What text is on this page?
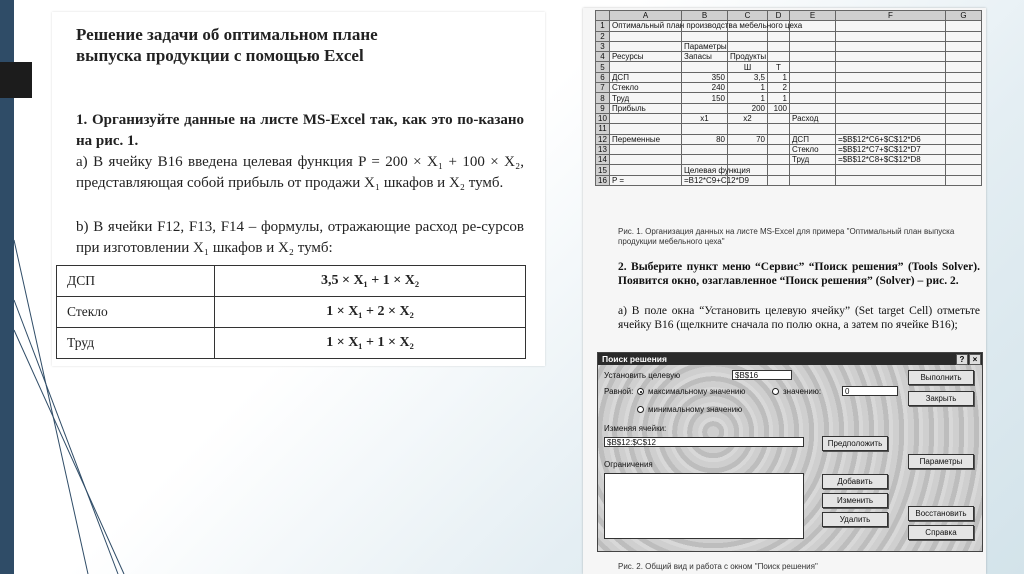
Решение задачи об оптимальном плане выпуска продукции с помощью Excel
1. Организуйте данные на листе MS-Excel так, как это по-казано на рис. 1.
а) В ячейку B16 введена целевая функция P = 200 × X₁ + 100 × X₂, представляющая собой прибыль от продажи X₁ шкафов и X₂ тумб.
b) В ячейки F12, F13, F14 – формулы, отражающие расход ре-сурсов при изготовлении X₁ шкафов и X₂ тумб:
ДСП	3,5 × X₁ + 1 × X₂
Стекло	1 × X₁ + 2 × X₂
Труд	1 × X₁ + 1 × X₂
	A	B	C	D	E	F	G
1	Оптимальный план производства мебельного цеха						
2							
3		Параметры					
4	Ресурсы	Запасы	Продукты				
5			Ш	Т			
6	ДСП	350	3,5	1			
7	Стекло	240	1	2			
8	Труд	150	1	1			
9	Прибыль		200	100			
10		x1	x2		Расход		
11							
12	Переменные	80	70		ДСП	=$B$12*C6+$C$12*D6	
13					Стекло	=$B$12*C7+$C$12*D7	
14					Труд	=$B$12*C8+$C$12*D8	
15		Целевая функция					
16	P =	=B12*C9+C12*D9					
Рис. 1. Организация данных на листе MS-Excel для примера "Оптимальный план выпуска продукции мебельного цеха"
2. Выберите пункт меню “Сервис” “Поиск решения” (Tools Solver). Появится окно, озаглавленное “Поиск решения” (Solver) – рис. 2.
а) В поле окна “Установить целевую ячейку” (Set target Cell) отметьте ячейку B16 (щелкните сначала по полю окна, а затем по ячейке B16);
Поиск решения	?	×
Установить целевую	$B$16
Равной: максимальному значению	значению:	0
минимальному значению
Изменяя ячейки:
$B$12:$C$12
Ограничения
Выполнить
Закрыть
Предположить
Параметры
Добавить
Изменить
Удалить
Восстановить
Справка
Рис. 2. Общий вид и работа с окном "Поиск решения"
